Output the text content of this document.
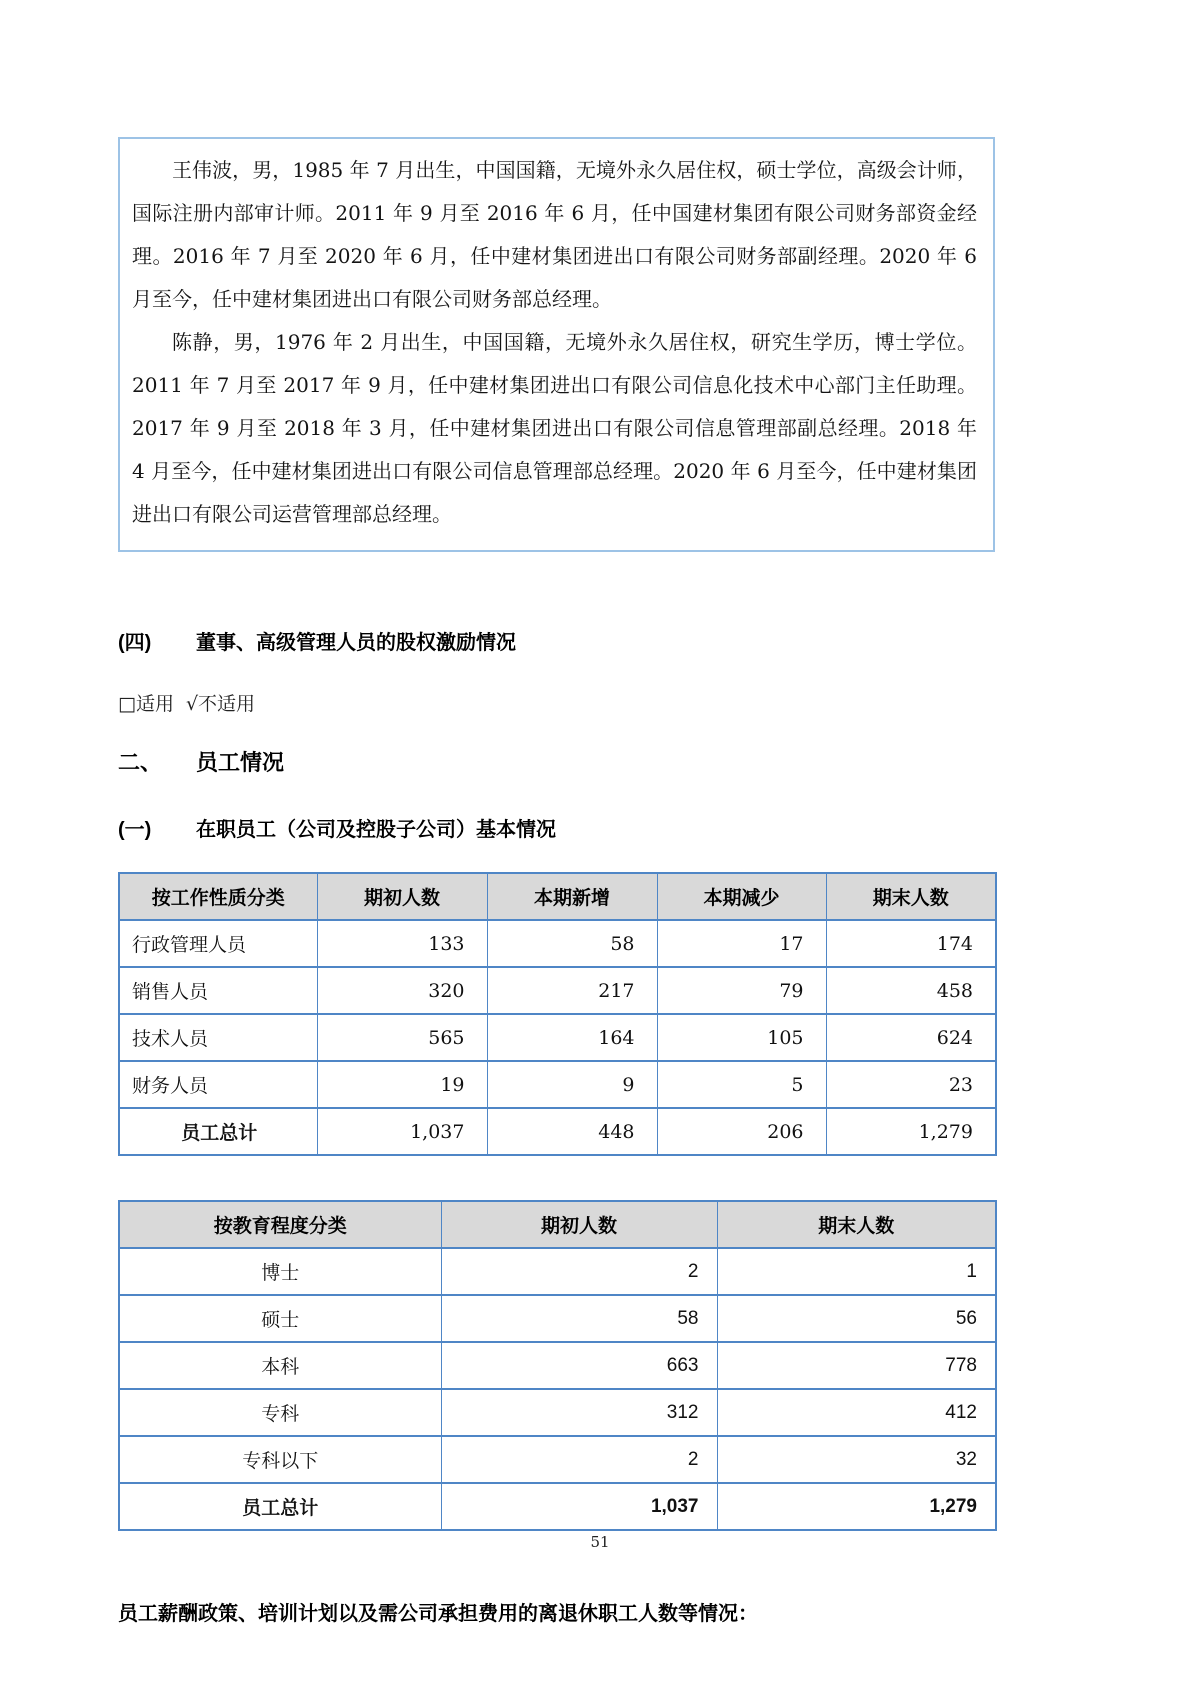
王伟波，男，1985 年 7 月出生，中国国籍，无境外永久居住权，硕士学位，高级会计师，国际注册内部审计师。2011 年 9 月至 2016 年 6 月，任中国建材集团有限公司财务部资金经理。2016 年 7 月至 2020 年 6 月，任中建材集团进出口有限公司财务部副经理。2020 年 6 月至今，任中建材集团进出口有限公司财务部总经理。

陈静，男，1976 年 2 月出生，中国国籍，无境外永久居住权，研究生学历，博士学位。2011 年 7 月至 2017 年 9 月，任中建材集团进出口有限公司信息化技术中心部门主任助理。2017 年 9 月至 2018 年 3 月，任中建材集团进出口有限公司信息管理部副总经理。2018 年 4 月至今，任中建材集团进出口有限公司信息管理部总经理。2020 年 6 月至今，任中建材集团进出口有限公司运营管理部总经理。

(四)	董事、高级管理人员的股权激励情况
□适用 √不适用
二、	员工情况
(一)	在职员工（公司及控股子公司）基本情况
按工作性质分类	期初人数	本期新增	本期减少	期末人数
行政管理人员	133	58	17	174
销售人员	320	217	79	458
技术人员	565	164	105	624
财务人员	19	9	5	23
员工总计	1,037	448	206	1,279
按教育程度分类	期初人数	期末人数
博士	2	1
硕士	58	56
本科	663	778
专科	312	412
专科以下	2	32
员工总计	1,037	1,279
员工薪酬政策、培训计划以及需公司承担费用的离退休职工人数等情况：
51
